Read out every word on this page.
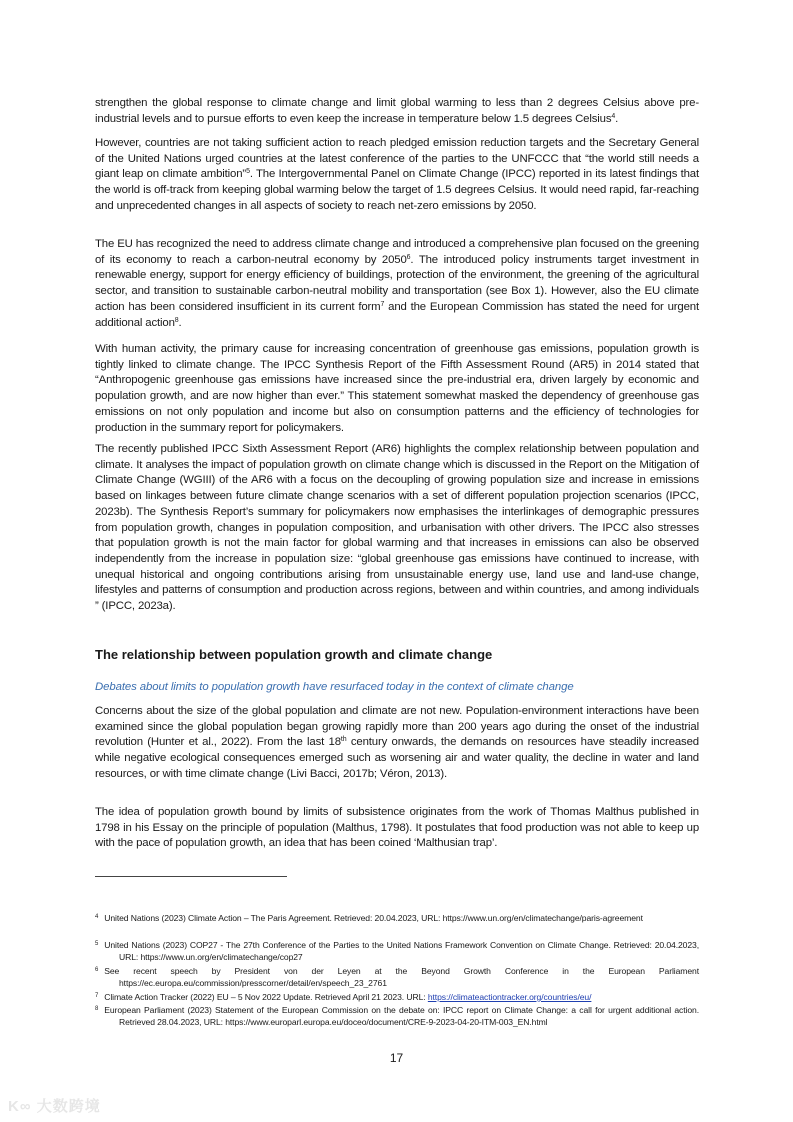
strengthen the global response to climate change and limit global warming to less than 2 degrees Celsius above pre-industrial levels and to pursue efforts to even keep the increase in temperature below 1.5 degrees Celsius$^4$.

However, countries are not taking sufficient action to reach pledged emission reduction targets and the Secretary General of the United Nations urged countries at the latest conference of the parties to the UNFCCC that “the world still needs a giant leap on climate ambition”$^5$. The Intergovernmental Panel on Climate Change (IPCC) reported in its latest findings that the world is off-track from keeping global warming below the target of 1.5 degrees Celsius. It would need rapid, far-reaching and unprecedented changes in all aspects of society to reach net-zero emissions by 2050.

The EU has recognized the need to address climate change and introduced a comprehensive plan focused on the greening of its economy to reach a carbon-neutral economy by 2050$^6$. The introduced policy instruments target investment in renewable energy, support for energy efficiency of buildings, protection of the environment, the greening of the agricultural sector, and transition to sustainable carbon-neutral mobility and transportation (see Box 1). However, also the EU climate action has been considered insufficient in its current form$^7$ and the European Commission has stated the need for urgent additional action$^8$.

With human activity, the primary cause for increasing concentration of greenhouse gas emissions, population growth is tightly linked to climate change. The IPCC Synthesis Report of the Fifth Assessment Round (AR5) in 2014 stated that “Anthropogenic greenhouse gas emissions have increased since the pre-industrial era, driven largely by economic and population growth, and are now higher than ever.” This statement somewhat masked the dependency of greenhouse gas emissions on not only population and income but also on consumption patterns and the efficiency of technologies for production in the summary report for policymakers.

The recently published IPCC Sixth Assessment Report (AR6) highlights the complex relationship between population and climate. It analyses the impact of population growth on climate change which is discussed in the Report on the Mitigation of Climate Change (WGIII) of the AR6 with a focus on the decoupling of growing population size and increase in emissions based on linkages between future climate change scenarios with a set of different population projection scenarios (IPCC, 2023b). The Synthesis Report’s summary for policymakers now emphasises the interlinkages of demographic pressures from population growth, changes in population composition, and urbanisation with other drivers. The IPCC also stresses that population growth is not the main factor for global warming and that increases in emissions can also be observed independently from the increase in population size: “global greenhouse gas emissions have continued to increase, with unequal historical and ongoing contributions arising from unsustainable energy use, land use and land-use change, lifestyles and patterns of consumption and production across regions, between and within countries, and among individuals ” (IPCC, 2023a).

The relationship between population growth and climate change

Debates about limits to population growth have resurfaced today in the context of climate change

Concerns about the size of the global population and climate are not new. Population-environment interactions have been examined since the global population began growing rapidly more than 200 years ago during the onset of the industrial revolution (Hunter et al., 2022). From the last 18th century onwards, the demands on resources have steadily increased while negative ecological consequences emerged such as worsening air and water quality, the decline in water and land resources, or with time climate change (Livi Bacci, 2017b; Véron, 2013).

The idea of population growth bound by limits of subsistence originates from the work of Thomas Malthus published in 1798 in his Essay on the principle of population (Malthus, 1798). It postulates that food production was not able to keep up with the pace of population growth, an idea that has been coined ‘Malthusian trap’.

$^4$ United Nations (2023) Climate Action – The Paris Agreement. Retrieved: 20.04.2023, URL: https://www.un.org/en/climatechange/paris-agreement

$^5$ United Nations (2023) COP27 - The 27th Conference of the Parties to the United Nations Framework Convention on Climate Change. Retrieved: 20.04.2023, URL: https://www.un.org/en/climatechange/cop27

$^6$ See recent speech by President von der Leyen at the Beyond Growth Conference in the European Parliament https://ec.europa.eu/commission/presscorner/detail/en/speech_23_2761

$^7$ Climate Action Tracker (2022) EU – 5 Nov 2022 Update. Retrieved April 21 2023. URL: https://climateactiontracker.org/countries/eu/

$^8$ European Parliament (2023) Statement of the European Commission on the debate on: IPCC report on Climate Change: a call for urgent additional action. Retrieved 28.04.2023, URL: https://www.europarl.europa.eu/doceo/document/CRE-9-2023-04-20-ITM-003_EN.html

17
K∞ 大数跨境
